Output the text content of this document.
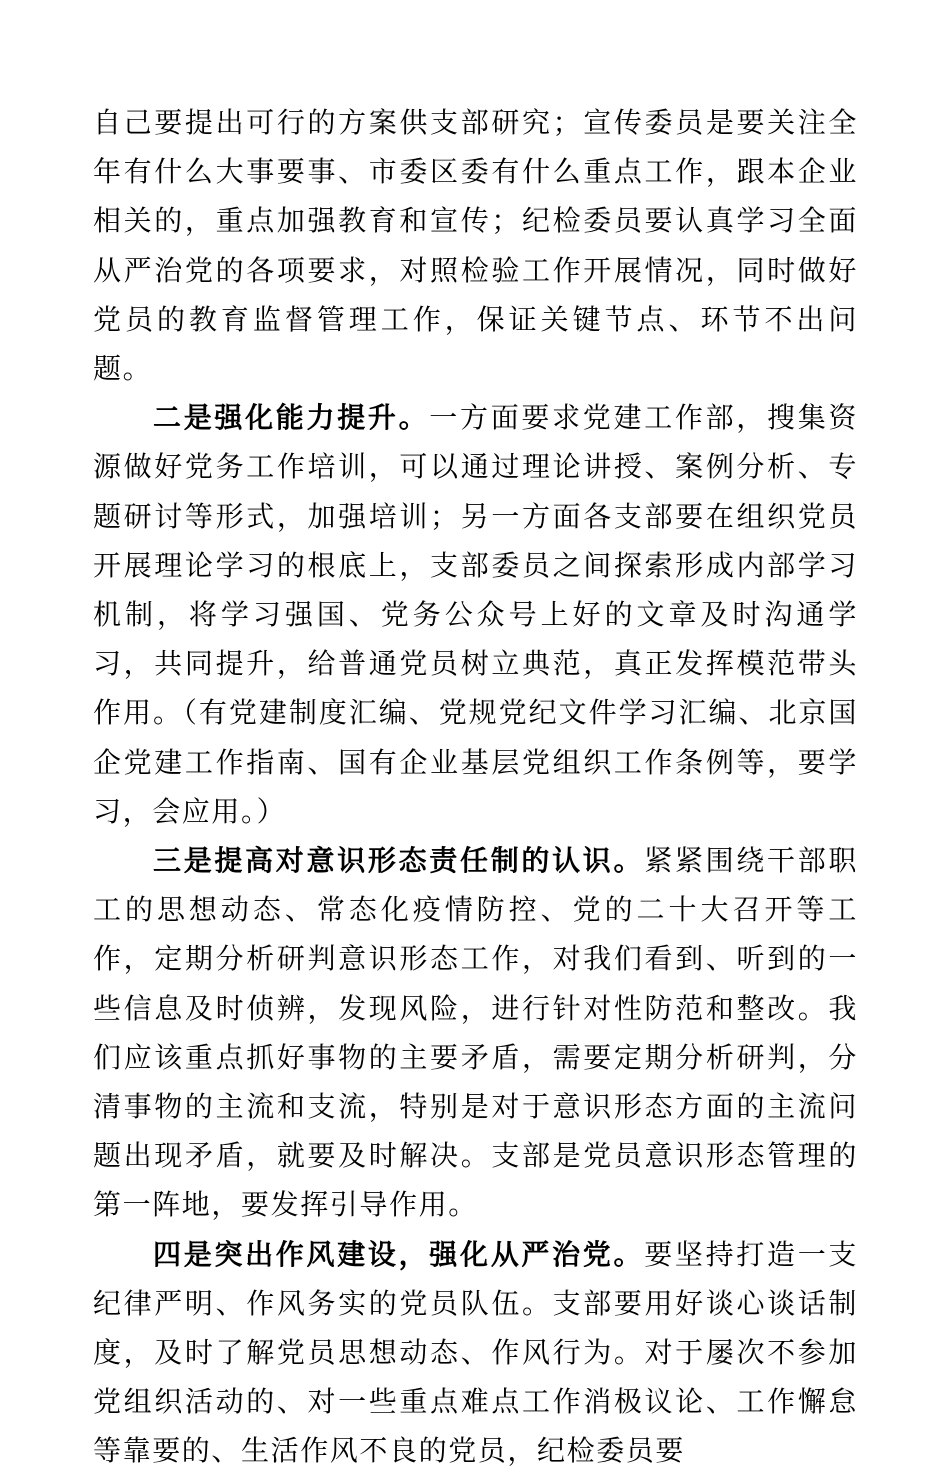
自己要提出可行的方案供支部研究；宣传委员是要关注全年有什么大事要事、市委区委有什么重点工作，跟本企业相关的，重点加强教育和宣传；纪检委员要认真学习全面从严治党的各项要求，对照检验工作开展情况，同时做好党员的教育监督管理工作，保证关键节点、环节不出问题。

二是强化能力提升。一方面要求党建工作部，搜集资源做好党务工作培训，可以通过理论讲授、案例分析、专题研讨等形式，加强培训；另一方面各支部要在组织党员开展理论学习的根底上，支部委员之间探索形成内部学习机制，将学习强国、党务公众号上好的文章及时沟通学习，共同提升，给普通党员树立典范，真正发挥模范带头作用。（有党建制度汇编、党规党纪文件学习汇编、北京国企党建工作指南、国有企业基层党组织工作条例等，要学习，会应用。）

三是提高对意识形态责任制的认识。紧紧围绕干部职工的思想动态、常态化疫情防控、党的二十大召开等工作，定期分析研判意识形态工作，对我们看到、听到的一些信息及时侦辨，发现风险，进行针对性防范和整改。我们应该重点抓好事物的主要矛盾，需要定期分析研判，分清事物的主流和支流，特别是对于意识形态方面的主流问题出现矛盾，就要及时解决。支部是党员意识形态管理的第一阵地，要发挥引导作用。

四是突出作风建设，强化从严治党。要坚持打造一支纪律严明、作风务实的党员队伍。支部要用好谈心谈话制度，及时了解党员思想动态、作风行为。对于屡次不参加党组织活动的、对一些重点难点工作消极议论、工作懈怠等靠要的、生活作风不良的党员，纪检委员要
